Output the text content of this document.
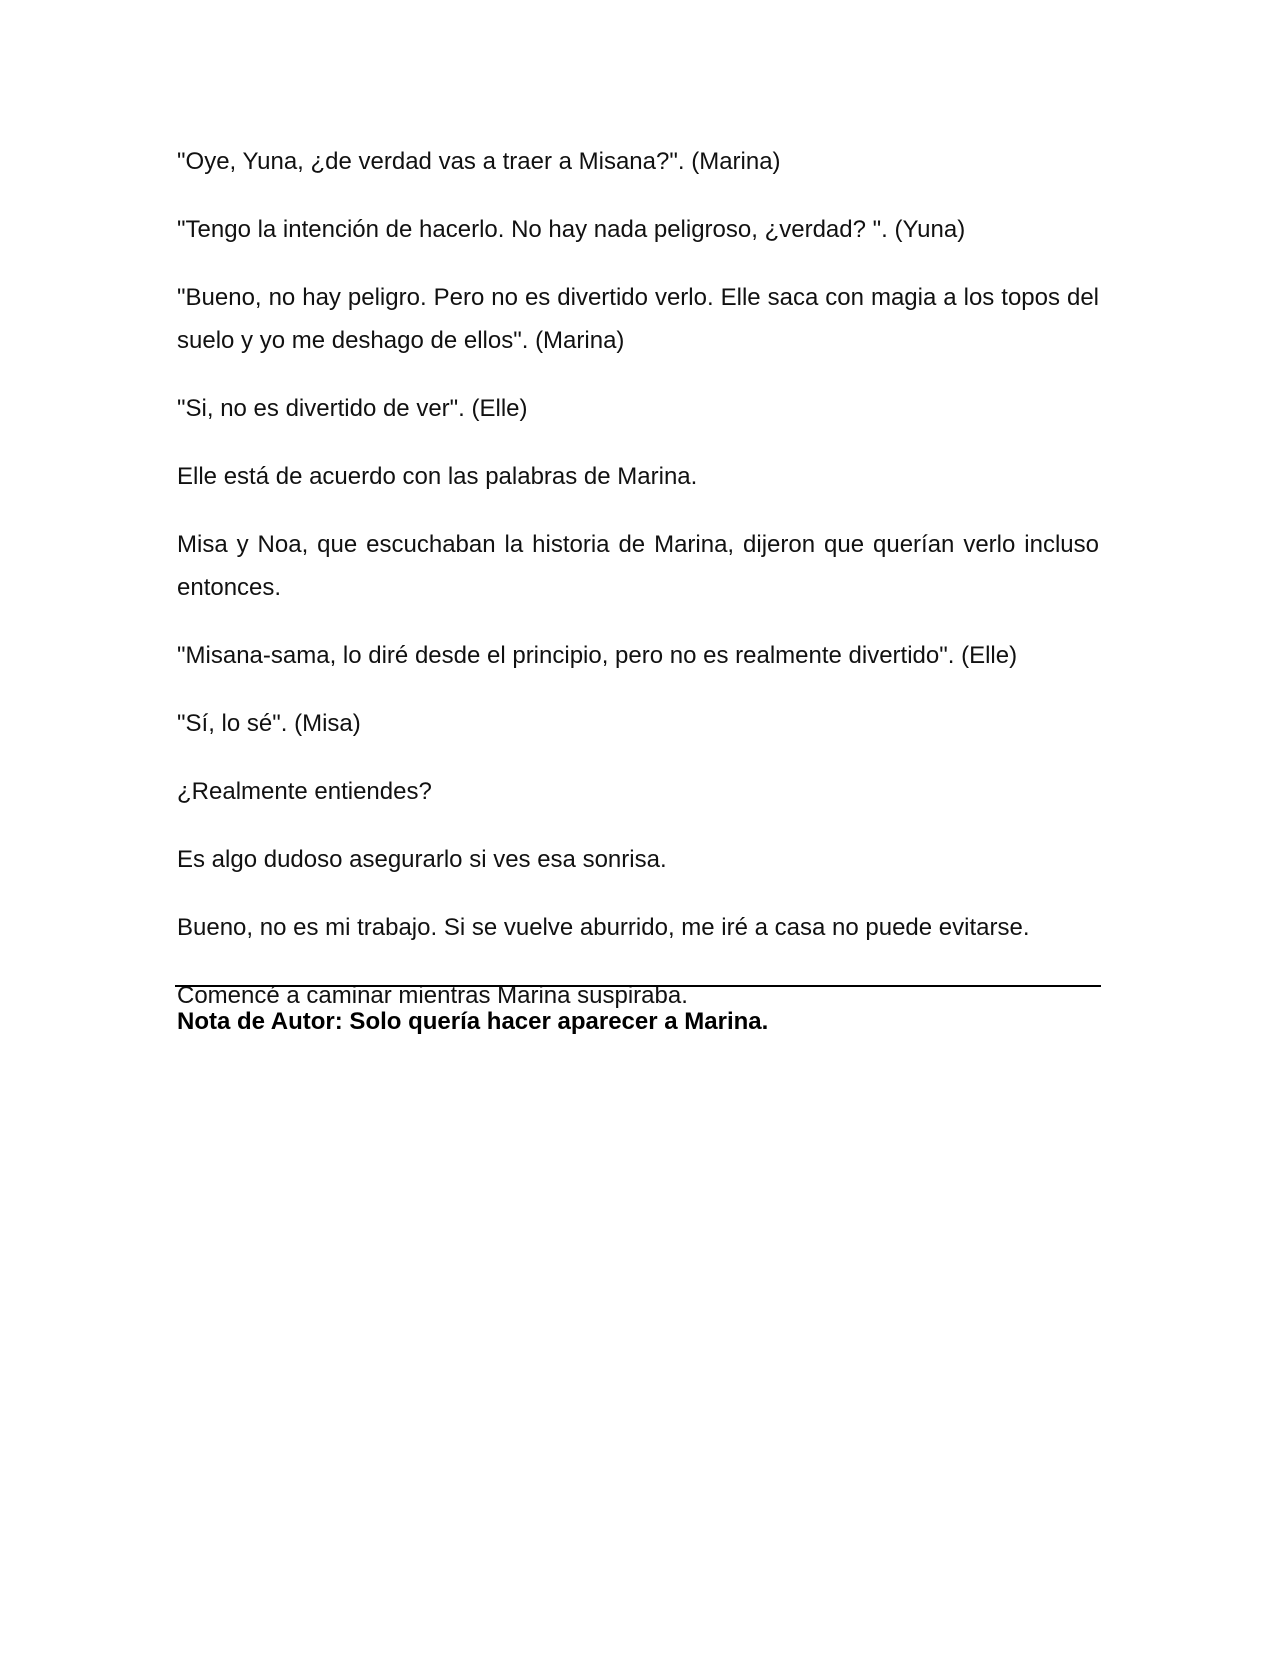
"Oye, Yuna, ¿de verdad vas a traer a Misana?". (Marina)

"Tengo la intención de hacerlo. No hay nada peligroso, ¿verdad? ". (Yuna)

"Bueno, no hay peligro. Pero no es divertido verlo. Elle saca con magia a los topos del suelo y yo me deshago de ellos". (Marina)

"Si, no es divertido de ver". (Elle)

Elle está de acuerdo con las palabras de Marina.

Misa y Noa, que escuchaban la historia de Marina, dijeron que querían verlo incluso entonces.

"Misana-sama, lo diré desde el principio, pero no es realmente divertido". (Elle)

"Sí, lo sé". (Misa)

¿Realmente entiendes?

Es algo dudoso asegurarlo si ves esa sonrisa.

Bueno, no es mi trabajo. Si se vuelve aburrido, me iré a casa no puede evitarse.

Comencé a caminar mientras Marina suspiraba.

Nota de Autor: Solo quería hacer aparecer a Marina.
